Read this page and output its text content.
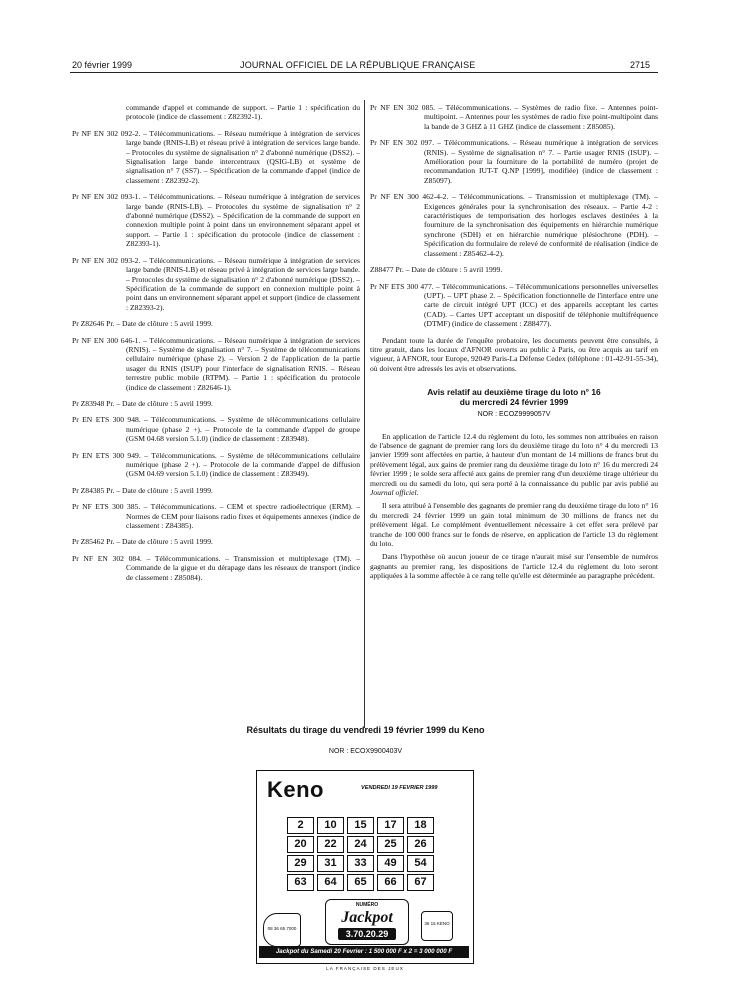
20 février 1999	JOURNAL OFFICIEL DE LA RÉPUBLIQUE FRANÇAISE	2715

commande d'appel et commande de support. – Partie 1 : spécification du protocole (indice de classement : Z82392-1).

Pr NF EN 302 092-2. – Télécommunications. – Réseau numérique à intégration de services large bande (RNIS-LB) et réseau privé à intégration de services large bande. – Protocoles du système de signalisation n° 2 d'abonné numérique (DSS2). – Signalisation large bande intercentraux (QSIG-LB) et système de signalisation n° 7 (SS7). – Spécification de la commande d'appel (indice de classement : Z82392-2).

Pr NF EN 302 093-1. – Télécommunications. – Réseau numérique à intégration de services large bande (RNIS-LB). – Protocoles du système de signalisation n° 2 d'abonné numérique (DSS2). – Spécification de la commande de support en connexion multiple point à point dans un environnement séparant appel et support. – Partie 1 : spécification du protocole (indice de classement : Z82393-1).

Pr NF EN 302 093-2. – Télécommunications. – Réseau numérique à intégration de services large bande (RNIS-LB) et réseau privé à intégration de services large bande. – Protocoles du système de signalisation n° 2 d'abonné numérique (DSS2). – Spécification de la commande de support en connexion multiple point à point dans un environnement séparant appel et support (indice de classement : Z82393-2).

Pr Z82646 Pr. – Date de clôture : 5 avril 1999.

Pr NF EN 300 646-1. – Télécommunications. – Réseau numérique à intégration de services (RNIS). – Système de signalisation n° 7. – Système de télécommunications cellulaire numérique (phase 2). – Version 2 de l'application de la partie usager du RNIS (ISUP) pour l'interface de signalisation RNIS. – Réseau terrestre public mobile (RTPM). – Partie 1 : spécification du protocole (indice de classement : Z82646-1).

Pr Z83948 Pr. – Date de clôture : 5 avril 1999.

Pr EN ETS 300 948. – Télécommunications. – Système de télécommunications cellulaire numérique (phase 2 +). – Protocole de la commande d'appel de groupe (GSM 04.68 version 5.1.0) (indice de classement : Z83948).

Pr EN ETS 300 949. – Télécommunications. – Système de télécommunications cellulaire numérique (phase 2 +). – Protocole de la commande d'appel de diffusion (GSM 04.69 version 5.1.0) (indice de classement : Z83949).

Pr Z84385 Pr. – Date de clôture : 5 avril 1999.

Pr NF ETS 300 385. – Télécommunications. – CEM et spectre radioélectrique (ERM). – Normes de CEM pour liaisons radio fixes et équipements annexes (indice de classement : Z84385).

Pr Z85462 Pr. – Date de clôture : 5 avril 1999.

Pr NF EN 302 084. – Télécommunications. – Transmission et multiplexage (TM). – Commande de la gigue et du dérapage dans les réseaux de transport (indice de classement : Z85084).

Pr NF EN 302 085. – Télécommunications. – Systèmes de radio fixe. – Antennes point-multipoint. – Antennes pour les systèmes de radio fixe point-multipoint dans la bande de 3 GHZ à 11 GHZ (indice de classement : Z85085).

Pr NF EN 302 097. – Télécommunications. – Réseau numérique à intégration de services (RNIS). – Système de signalisation n° 7. – Partie usager RNIS (ISUP). – Amélioration pour la fourniture de la portabilité de numéro (projet de recommandation IUT-T Q.NP [1999], modifiée) (indice de classement : Z85097).

Pr NF EN 300 462-4-2. – Télécommunications. – Transmission et multiplexage (TM). – Exigences générales pour la synchronisation des réseaux. – Partie 4-2 : caractéristiques de temporisation des horloges esclaves destinées à la fourniture de la synchronisation des équipements en hiérarchie numérique synchrone (SDH) et en hiérarchie numérique plésiochrone (PDH). – Spécification du formulaire de relevé de conformité de réalisation (indice de classement : Z85462-4-2).

Z88477 Pr. – Date de clôture : 5 avril 1999.

Pr NF ETS 300 477. – Télécommunications. – Télécommunications personnelles universelles (UPT). – UPT phase 2. – Spécification fonctionnelle de l'interface entre une carte de circuit intégré UPT (ICC) et des appareils acceptant les cartes (CAD). – Cartes UPT acceptant un dispositif de téléphonie multifréquence (DTMF) (indice de classement : Z88477).

Pendant toute la durée de l'enquête probatoire, les documents peuvent être consultés, à titre gratuit, dans les locaux d'AFNOR ouverts au public à Paris, ou être acquis au tarif en vigueur, à AFNOR, tour Europe, 92049 Paris-La Défense Cedex (téléphone : 01-42-91-55-34), où doivent être adressés les avis et observations.

Avis relatif au deuxième tirage du loto n° 16
du mercredi 24 février 1999
NOR : ECOZ9999057V

En application de l'article 12.4 du règlement du loto, les sommes non attribuées en raison de l'absence de gagnant de premier rang lors du deuxième tirage du loto n° 4 du mercredi 13 janvier 1999 sont affectées en partie, à hauteur d'un montant de 14 millions de francs brut du prélèvement légal, aux gains de premier rang du deuxième tirage du loto n° 16 du mercredi 24 février 1999 ; le solde sera affecté aux gains de premier rang d'un deuxième tirage ultérieur du mercredi ou du samedi du loto, qui sera porté à la connaissance du public par avis publié au Journal officiel.

Il sera attribué à l'ensemble des gagnants de premier rang du deuxième tirage du loto n° 16 du mercredi 24 février 1999 un gain total minimum de 30 millions de francs net du prélèvement légal. Le complément éventuellement nécessaire à cet effet sera prélevé par tranche de 100 000 francs sur le fonds de réserve, en application de l'article 13 du règlement du loto.

Dans l'hypothèse où aucun joueur de ce tirage n'aurait misé sur l'ensemble de numéros gagnants au premier rang, les dispositions de l'article 12.4 du règlement du loto seront appliquées à la somme affectée à ce rang telle qu'elle est déterminée au paragraphe précédent.

Résultats du tirage du vendredi 19 février 1999 du Keno
NOR : ECOX9900403V
Keno	VENDREDI 19 FEVRIER 1999
2	10	15	17	18
20	22	24	25	26
29	31	33	49	54
63	64	65	66	67
08 36 65 7000
NUMÉRO
Jackpot
3.70.20.29
36 15 KENO
Jackpot du Samedi 20 Fevrier : 1 500 000 F x 2 = 3 000 000 F
LA FRANÇAISE DES JEUX
